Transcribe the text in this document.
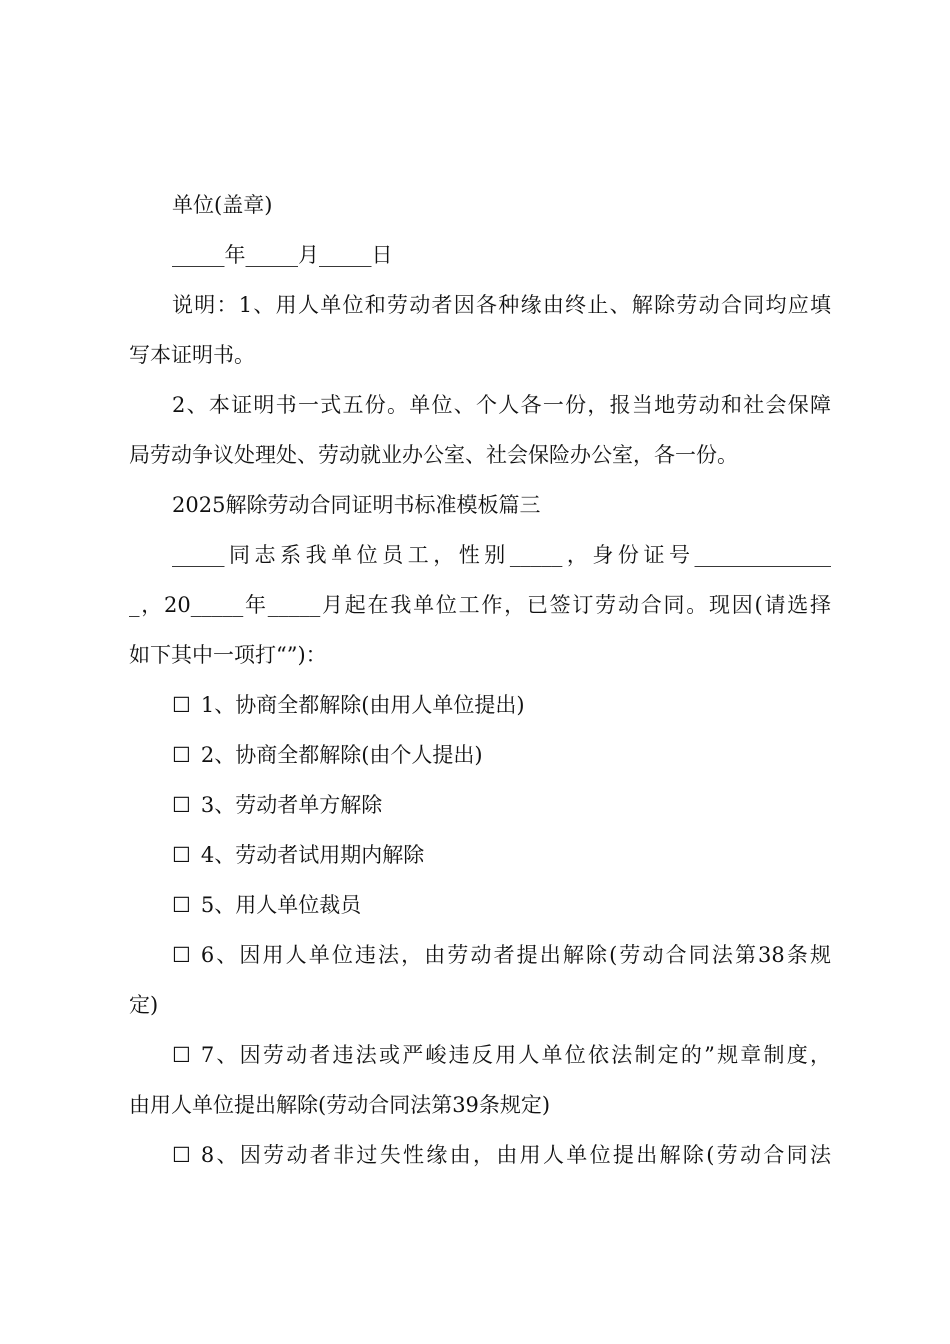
单位(盖章)
_____年_____月_____日
说明：1、用人单位和劳动者因各种缘由终止、解除劳动合同均应填
写本证明书。
2、本证明书一式五份。单位、个人各一份，报当地劳动和社会保障
局劳动争议处理处、劳动就业办公室、社会保险办公室，各一份。
2025解除劳动合同证明书标准模板篇三
_____同志系我单位员工，性别_____，身份证号_____________
_，20_____年_____月起在我单位工作，已签订劳动合同。现因(请选择
如下其中一项打“”)：
☐ 1、协商全都解除(由用人单位提出)
☐ 2、协商全都解除(由个人提出)
☐ 3、劳动者单方解除
☐ 4、劳动者试用期内解除
☐ 5、用人单位裁员
☐ 6、因用人单位违法，由劳动者提出解除(劳动合同法第38条规
定)
☐ 7、因劳动者违法或严峻违反用人单位依法制定的”规章制度，
由用人单位提出解除(劳动合同法第39条规定)
☐ 8、因劳动者非过失性缘由，由用人单位提出解除(劳动合同法
